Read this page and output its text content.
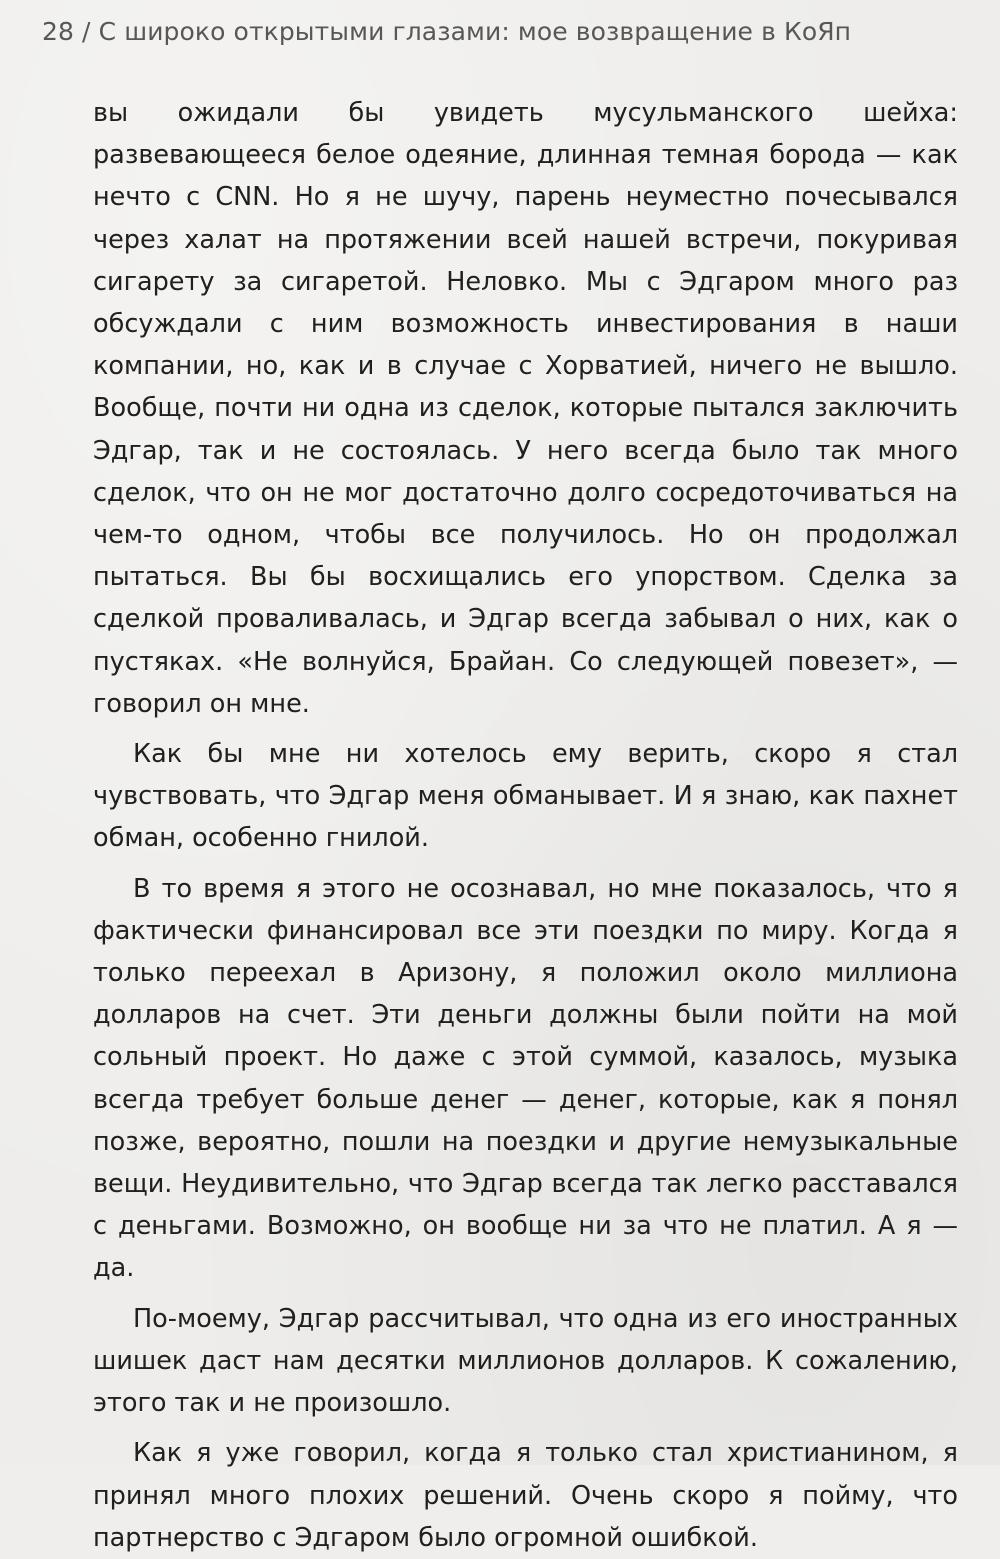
28 / С широко открытыми глазами: мое возвращение в КоЯп

вы ожидали бы увидеть мусульманского шейха: развевающееся белое одеяние, длинная темная борода — как нечто с CNN. Но я не шучу, парень неуместно почесывался через халат на протяжении всей нашей встречи, покуривая сигарету за сигаретой. Неловко. Мы с Эдгаром много раз обсуждали с ним возможность инвестирования в наши компании, но, как и в случае с Хорватией, ничего не вышло. Вообще, почти ни одна из сделок, которые пытался заключить Эдгар, так и не состоялась. У него всегда было так много сделок, что он не мог достаточно долго сосредоточиваться на чем-то одном, чтобы все получилось. Но он продолжал пытаться. Вы бы восхищались его упорством. Сделка за сделкой проваливалась, и Эдгар всегда забывал о них, как о пустяках. «Не волнуйся, Брайан. Со следующей повезет», — говорил он мне.

Как бы мне ни хотелось ему верить, скоро я стал чувствовать, что Эдгар меня обманывает. И я знаю, как пахнет обман, особенно гнилой.

В то время я этого не осознавал, но мне показалось, что я фактически финансировал все эти поездки по миру. Когда я только переехал в Аризону, я положил около миллиона долларов на счет. Эти деньги должны были пойти на мой сольный проект. Но даже с этой суммой, казалось, музыка всегда требует больше денег — денег, которые, как я понял позже, вероятно, пошли на поездки и другие немузыкальные вещи. Неудивительно, что Эдгар всегда так легко расставался с деньгами. Возможно, он вообще ни за что не платил. А я — да.

По-моему, Эдгар рассчитывал, что одна из его иностранных шишек даст нам десятки миллионов долларов. К сожалению, этого так и не произошло.

Как я уже говорил, когда я только стал христианином, я принял много плохих решений. Очень скоро я пойму, что партнерство с Эдгаром было огромной ошибкой.
